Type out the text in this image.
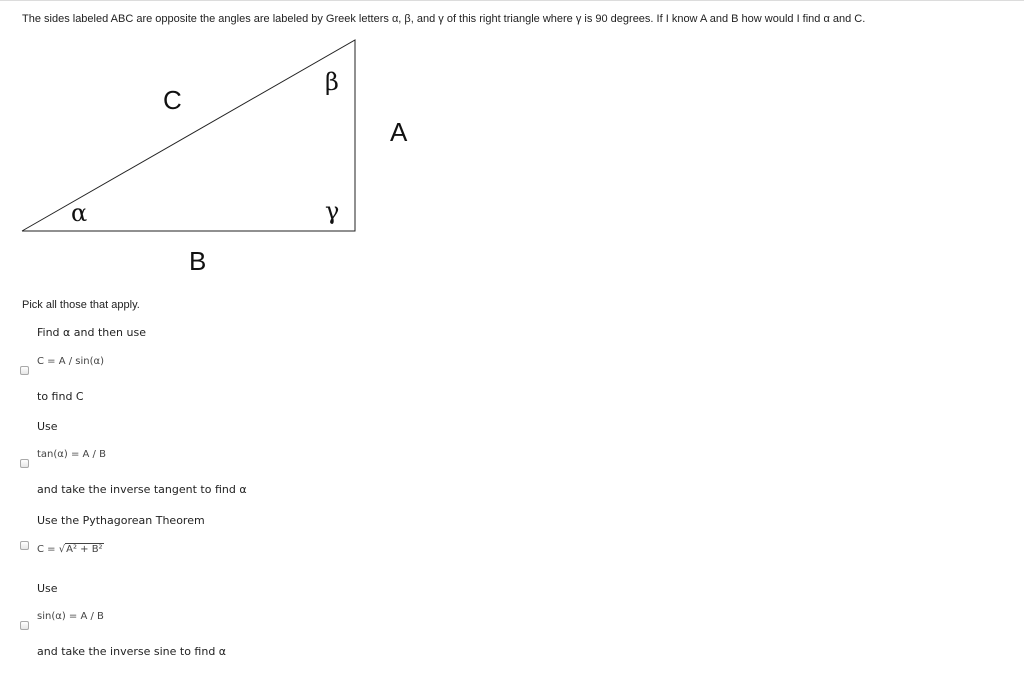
The sides labeled ABC are opposite the angles are labeled by Greek letters α, β, and γ of this right triangle where γ is 90 degrees. If I know A and B how would I find α and C.
C
A
B
α
β
γ
Pick all those that apply.
Find α and then use
C = A / sin(α)
to find C
Use
tan(α) = A / B
and take the inverse tangent to find α
Use the Pythagorean Theorem
C = √A² + B²
Use
sin(α) = A / B
and take the inverse sine to find α
